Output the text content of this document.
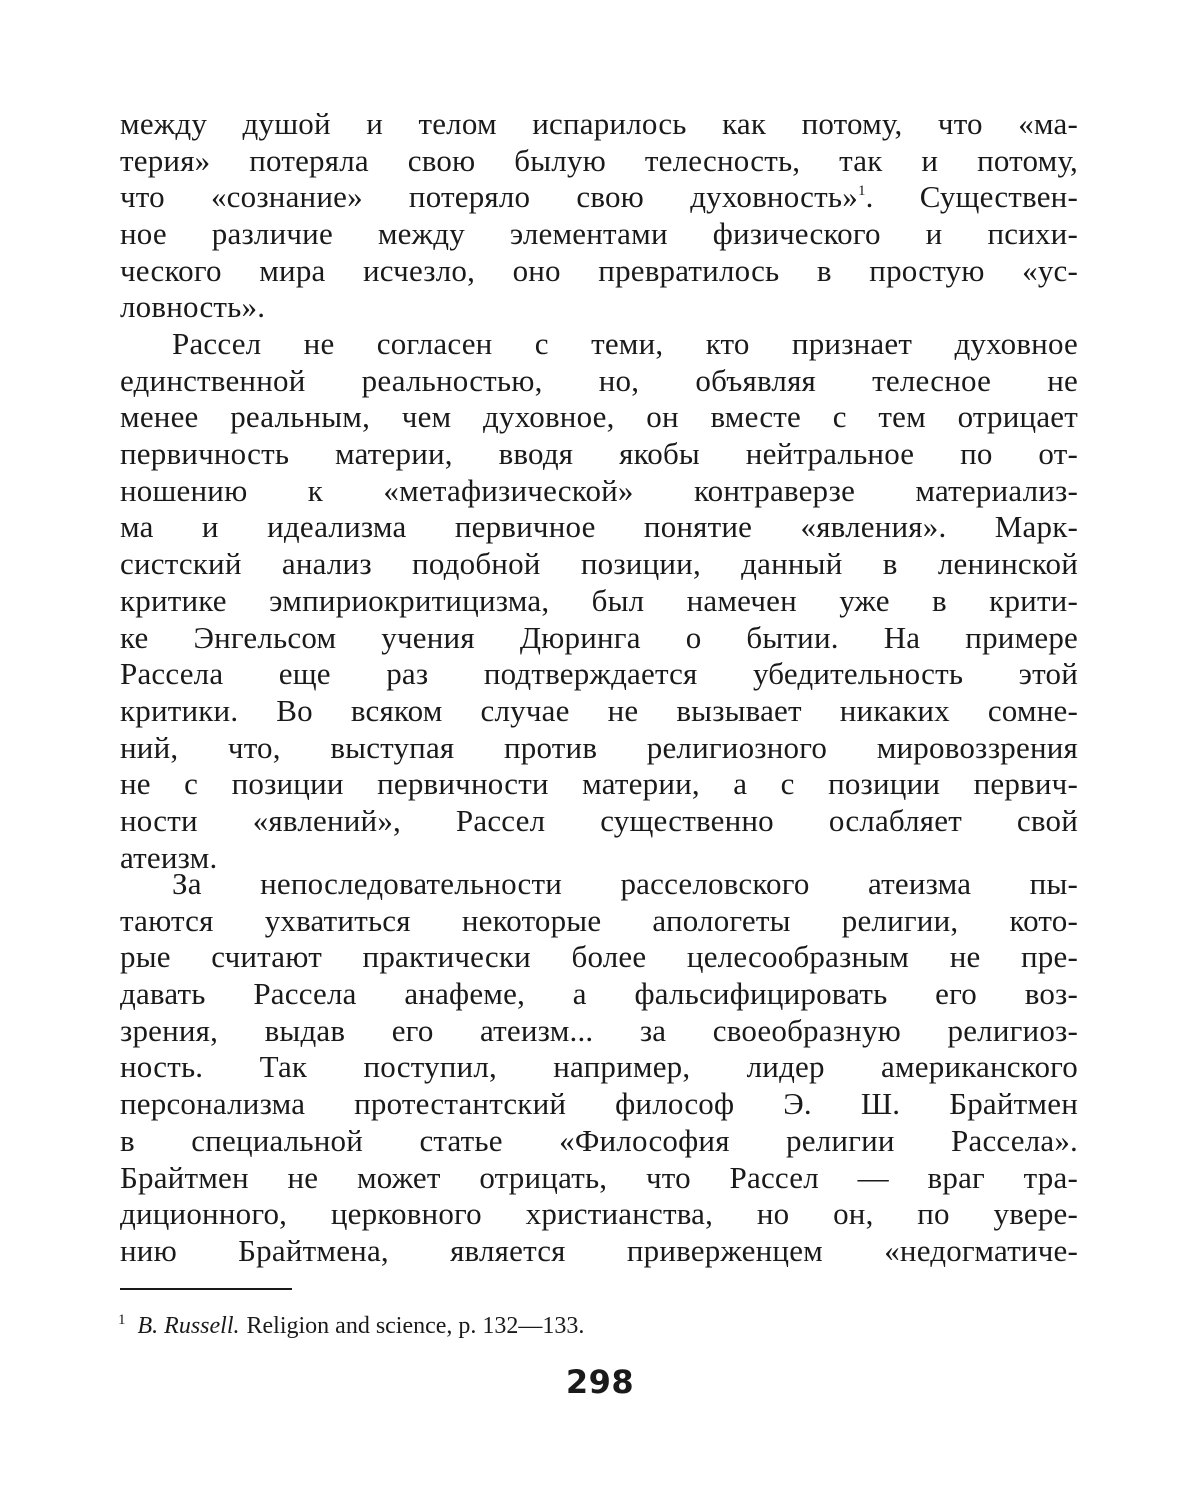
между душой и телом испарилось как потому, что «ма-
терия» потеряла свою былую телесность, так и потому,
что «сознание» потеряло свою духовность»$^1$. Существен-
ное различие между элементами физического и психи-
ческого мира исчезло, оно превратилось в простую «ус-
ловность».
Рассел не согласен с теми, кто признает духовное
единственной реальностью, но, объявляя телесное не
менее реальным, чем духовное, он вместе с тем отрицает
первичность материи, вводя якобы нейтральное по от-
ношению к «метафизической» контраверзе материализ-
ма и идеализма первичное понятие «явления». Марк-
систский анализ подобной позиции, данный в ленинской
критике эмпириокритицизма, был намечен уже в крити-
ке Энгельсом учения Дюринга о бытии. На примере
Рассела еще раз подтверждается убедительность этой
критики. Во всяком случае не вызывает никаких сомне-
ний, что, выступая против религиозного мировоззрения
не с позиции первичности материи, а с позиции первич-
ности «явлений», Рассел существенно ослабляет свой
атеизм.
За непоследовательности расселовского атеизма пы-
таются ухватиться некоторые апологеты религии, кото-
рые считают практически более целесообразным не пре-
давать Рассела анафеме, а фальсифицировать его воз-
зрения, выдав его атеизм... за своеобразную религиоз-
ность. Так поступил, например, лидер американского
персонализма протестантский философ Э. Ш. Брайтмен
в специальной статье «Философия религии Рассела».
Брайтмен не может отрицать, что Рассел — враг тра-
диционного, церковного христианства, но он, по увере-
нию Брайтмена, является приверженцем «недогматиче-
$^1$ B. Russell. Religion and science, p. 132—133.
298
